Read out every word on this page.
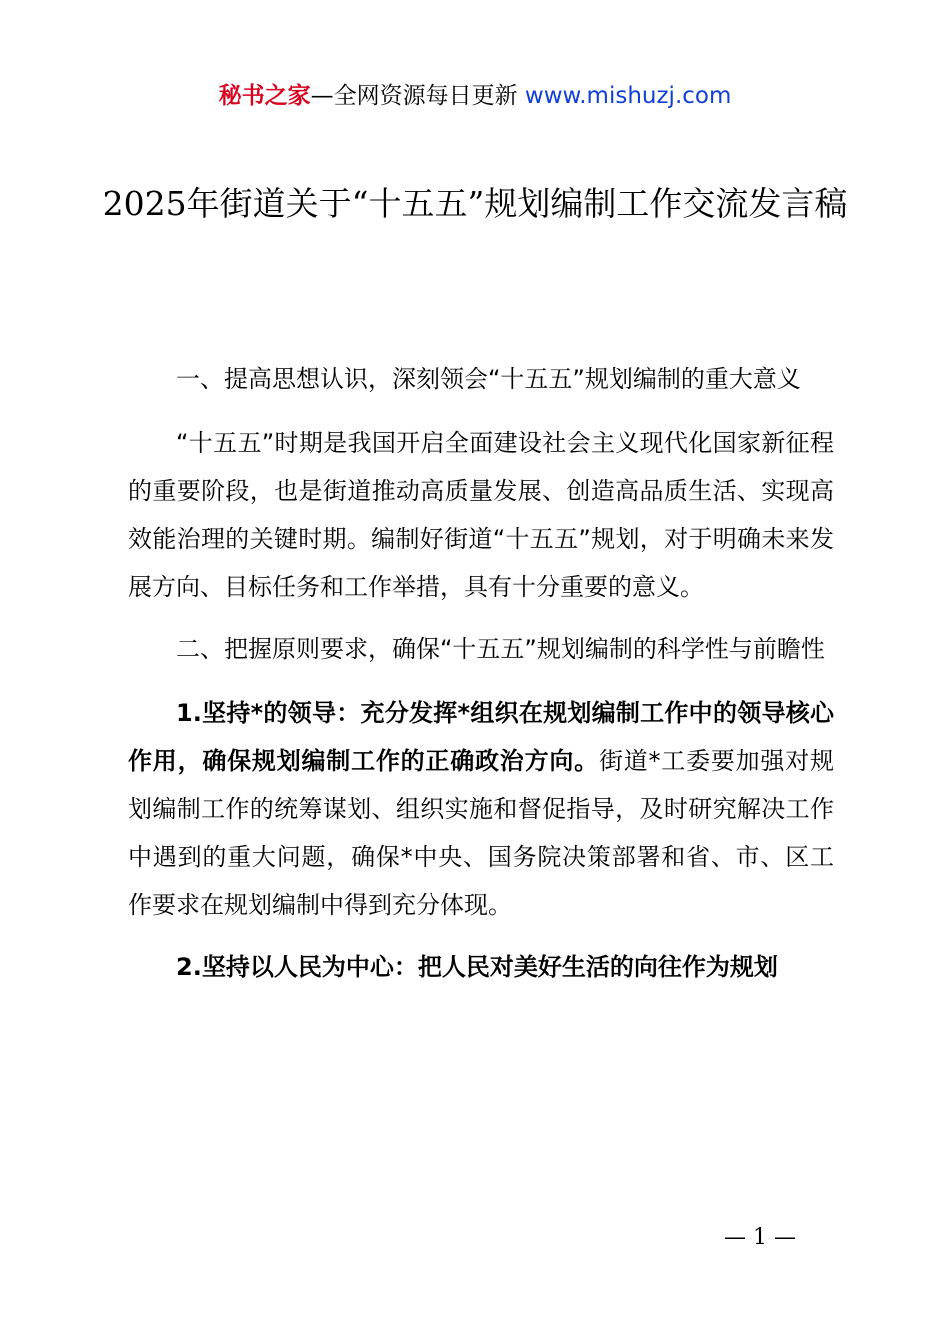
秘书之家—全网资源每日更新 www.mishuzj.com
2025年街道关于“十五五”规划编制工作交流发言稿

一、提高思想认识，深刻领会“十五五”规划编制的重大意义

“十五五”时期是我国开启全面建设社会主义现代化国家新征程的重要阶段，也是街道推动高质量发展、创造高品质生活、实现高效能治理的关键时期。编制好街道“十五五”规划，对于明确未来发展方向、目标任务和工作举措，具有十分重要的意义。

二、把握原则要求，确保“十五五”规划编制的科学性与前瞻性

1.坚持*的领导：充分发挥*组织在规划编制工作中的领导核心作用，确保规划编制工作的正确政治方向。街道*工委要加强对规划编制工作的统筹谋划、组织实施和督促指导，及时研究解决工作中遇到的重大问题，确保*中央、国务院决策部署和省、市、区工作要求在规划编制中得到充分体现。

2.坚持以人民为中心：把人民对美好生活的向往作为规划

— 1 —
